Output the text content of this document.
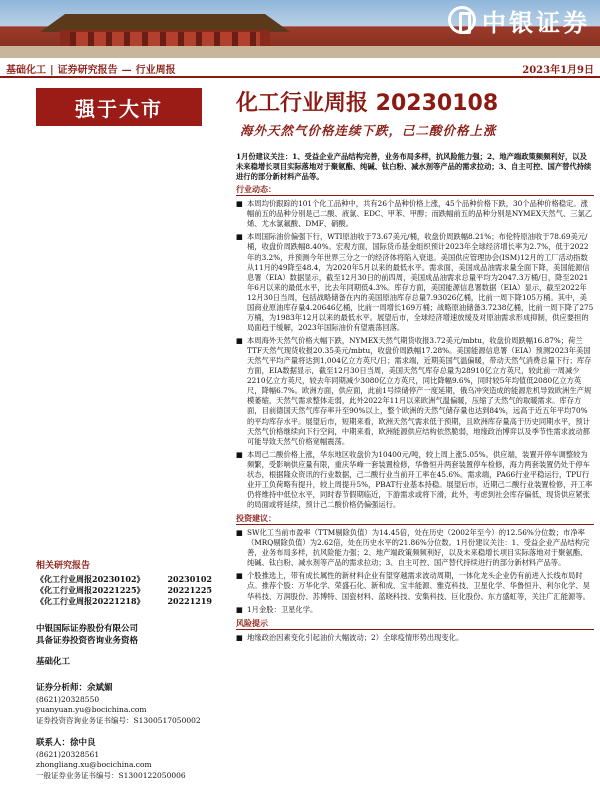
中银证券
基础化工 | 证券研究报告 — 行业周报	2023年1月9日
强于大市	化工行业周报 20230108
海外天然气价格连续下跌，己二酸价格上涨
相关研究报告
《化工行业周报20230102》	20230102
《化工行业周报20221225》	20221225
《化工行业周报20221218》	20221219
中银国际证券股份有限公司
具备证券投资咨询业务资格
基础化工
证券分析师：余斌媚
(8621)20328550
yuanyuan.yu@bocichina.com
证券投资咨询业务证书编号：S1300517050002
联系人：徐中良
(8621)20328561
zhongliang.xu@bocichina.com
一般证券业务证书编号：S1300122050006

1月份建议关注：1、受益企业产品结构完善，业务布局多样，抗风险能力强；2、地产端政策频频利好，以及未来稳增长项目实际落地对于聚氨酯、纯碱、钛白粉、减水剂等产品的需求拉动；3、自主可控、国产替代持续进行的部分新材料产品等。

行业动态：
■ 本周均价跟踪的101个化工品种中，共有26个品种价格上涨，45个品种价格下跌，30个品种价格稳定。涨幅前五的品种分别是己二酸、液氯、EDC、甲苯、甲醇；而跌幅前五的品种分别是NYMEX天然气、三氯乙烯、尤水氯氟酸、DMF、硝酸。
■ 本周国际油价偏强下行，WTI原油收于73.67美元/桶，收盘价周跌幅8.21%；布伦特原油收于78.69美元/桶，收盘价周跌幅8.40%。宏观方面，国际货币基金组织预计2023年全球经济增长率为2.7%，低于2022年的3.2%，并预测今年世界三分之一的经济体将陷入衰退。美国供应管理协会(ISM)12月的工厂活动指数从11月的49降至48.4，为2020年5月以来的最低水平。需求面，美国成品油需求量全面下降，美国能源信息署（EIA）数据显示，截至12月30日的前四周，美国成品油需求总量平均为2047.3万桶/日，降至2021年6月以来的最低水平，比去年同期低4.3%。库存方面，美国能源信息署数据（EIA）显示，截至2022年12月30日当周，包括战略储备在内的美国原油库存总量7.93026亿桶，比前一周下降105万桶。其中，美国商业原油库存量4.20646亿桶，比前一周增长169万桶；战略原油储备3.7238亿桶，比前一周下降了275万桶，为1983年12月以来的最低水平。展望后市，全球经济增速放缓及对原油需求形成抑制，供应要担的局面趋于缓解，2023年国际油价有望震荡回落。
■ 本周海外天然气价格大幅下跌，NYMEX天然气期货收报3.72美元/mbtu，收盘价周跌幅16.87%；荷兰TTF天然气现货收报20.35美元/mbtu，收盘价周跌幅17.28%。美国能源信息署（EIA）预测2023年美国天然气平均产量将达到1,004亿立方英尺/日；需求端，近期美国气温偏暖，带动天然气消费总量下行；库存方面，EIA数据显示，截至12月30日当周，美国天然气库存总量为28910亿立方英尺，较此前一周减少2210亿立方英尺，较去年同期减少3080亿立方英尺，同比降幅9.6%，同时较5年均值低2080亿立方英尺，降幅6.7%。欧洲方面，供应面，此前1号续储停产一度延期，俄乌冲突造成的能源危机导致欧洲生产规模萎缩，天然气需求整体走弱，此外2022年11月以来欧洲气温偏暖，压缩了天然气的取暖需求。库存方面，目前德国天然气库存率升至90%以上，整个欧洲的天然气储存量也达到84%，远高于近五年平均70%的平均库存水平。展望后市，短期来看，欧洲天然气需求低于预期，且欧洲库存量高于历史同期水平，预计天然气价格继续向下行空间，中期来看，欧洲能源供应结构依然脆弱，地缘政治博弈以及季节性需求波动都可能导致天然气价格宽幅震荡。
■ 本周己二酸价格上涨，华东地区收盘价为10400元/吨，较上周上涨5.05%。供应端，装置开停车调整较为频繁，受影响供应量有限，重庆华峰一套装置检修，华鲁恒升两套装置停车检修，海力两套装置仍处于停车状态，根据隆众资讯的行业数据，己二酸行业当前开工率在45.6%。需求端，PA66行业平稳运行，TPU行业开工负荷略有提升，较上周提升5%，PBAT行业基本持稳。展望后市，近期己二酸行业装置检修，开工率仍将维持中低位水平，同时春节假期临近，下游需求或将下滑，此外，考虑到社会库存偏低，现货供应紧张的局面或将延续，预计己二酸价格仍偏强运行。
投资建议：
■ SW化工当前市盈率（TTM剔除负值）为14.45倍，处在历史（2002年至今）的12.56%分位数；市净率（MRQ剔除负值）为2.62倍，处在历史水平的21.86%分位数。1月份建议关注：1、受益企业产品结构完善，业务布局多样，抗风险能力强；2、地产端政策频频利好，以及未来稳增长项目实际落地对于聚氨酯、纯碱、钛白粉、减水剂等产品的需求拉动；3、自主可控、国产替代持续进行的部分新材料产品等。
■ 个股推选上，带有成长属性的新材料企业有望穿越需求波动周期，一体化龙头企业仍有前进入长线布局时点。推荐个股：万华化学、荣盛石化、新和成、宝丰能源、雅克科技、卫星化学、华鲁恒升、利尔化学、昊华科技、万润股份、苏博特、国瓷材料、蓝晓科技、安集科技、巨化股份、东方盛虹等，关注广汇能源等。
■ 1月金股：卫星化学。
风险提示
■ 地缘政治因素变化引起油价大幅波动；2）全球疫情形势出现变化。
